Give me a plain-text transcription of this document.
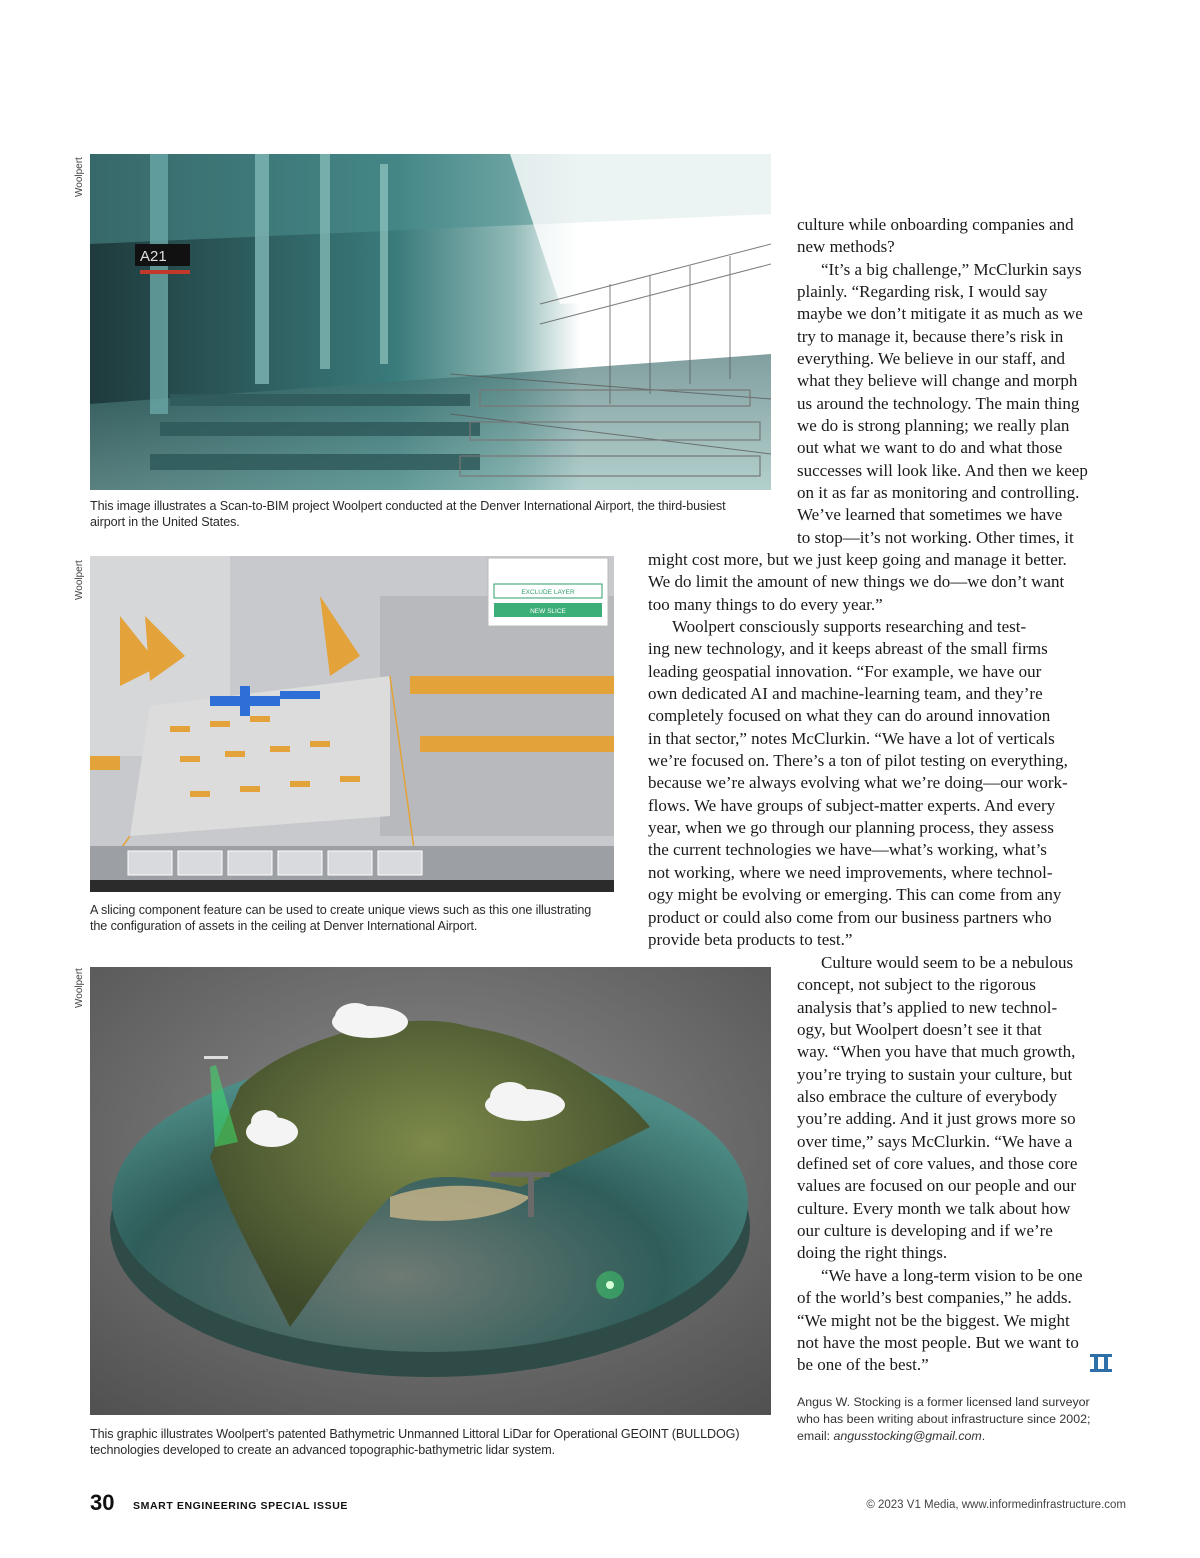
Woolpert
Woolpert
Woolpert
A21
This image illustrates a Scan-to-BIM project Woolpert conducted at the Denver International Airport, the third-busiest
airport in the United States.
EXCLUDE LAYER
NEW SLICE
A slicing component feature can be used to create unique views such as this one illustrating
the configuration of assets in the ceiling at Denver International Airport.
This graphic illustrates Woolpert’s patented Bathymetric Unmanned Littoral LiDar for Operational GEOINT (BULLDOG)
technologies developed to create an advanced topographic-bathymetric lidar system.
culture while onboarding companies and
new methods?
“It’s a big challenge,” McClurkin says
plainly. “Regarding risk, I would say
maybe we don’t mitigate it as much as we
try to manage it, because there’s risk in
everything. We believe in our staff, and
what they believe will change and morph
us around the technology. The main thing
we do is strong planning; we really plan
out what we want to do and what those
successes will look like. And then we keep
on it as far as monitoring and controlling.
We’ve learned that sometimes we have
to stop—it’s not working. Other times, it
might cost more, but we just keep going and manage it better.
We do limit the amount of new things we do—we don’t want
too many things to do every year.”
Woolpert consciously supports researching and test-
ing new technology, and it keeps abreast of the small firms
leading geospatial innovation. “For example, we have our
own dedicated AI and machine-learning team, and they’re
completely focused on what they can do around innovation
in that sector,” notes McClurkin. “We have a lot of verticals
we’re focused on. There’s a ton of pilot testing on everything,
because we’re always evolving what we’re doing—our work-
flows. We have groups of subject-matter experts. And every
year, when we go through our planning process, they assess
the current technologies we have—what’s working, what’s
not working, where we need improvements, where technol-
ogy might be evolving or emerging. This can come from any
product or could also come from our business partners who
provide beta products to test.”
Culture would seem to be a nebulous
concept, not subject to the rigorous
analysis that’s applied to new technol-
ogy, but Woolpert doesn’t see it that
way. “When you have that much growth,
you’re trying to sustain your culture, but
also embrace the culture of everybody
you’re adding. And it just grows more so
over time,” says McClurkin. “We have a
defined set of core values, and those core
values are focused on our people and our
culture. Every month we talk about how
our culture is developing and if we’re
doing the right things.
“We have a long-term vision to be one
of the world’s best companies,” he adds.
“We might not be the biggest. We might
not have the most people. But we want to
be one of the best.”
Angus W. Stocking is a former licensed land surveyor
who has been writing about infrastructure since 2002;
email: angusstocking@gmail.com.
30 SMART ENGINEERING SPECIAL ISSUE	© 2023 V1 Media, www.informedinfrastructure.com
